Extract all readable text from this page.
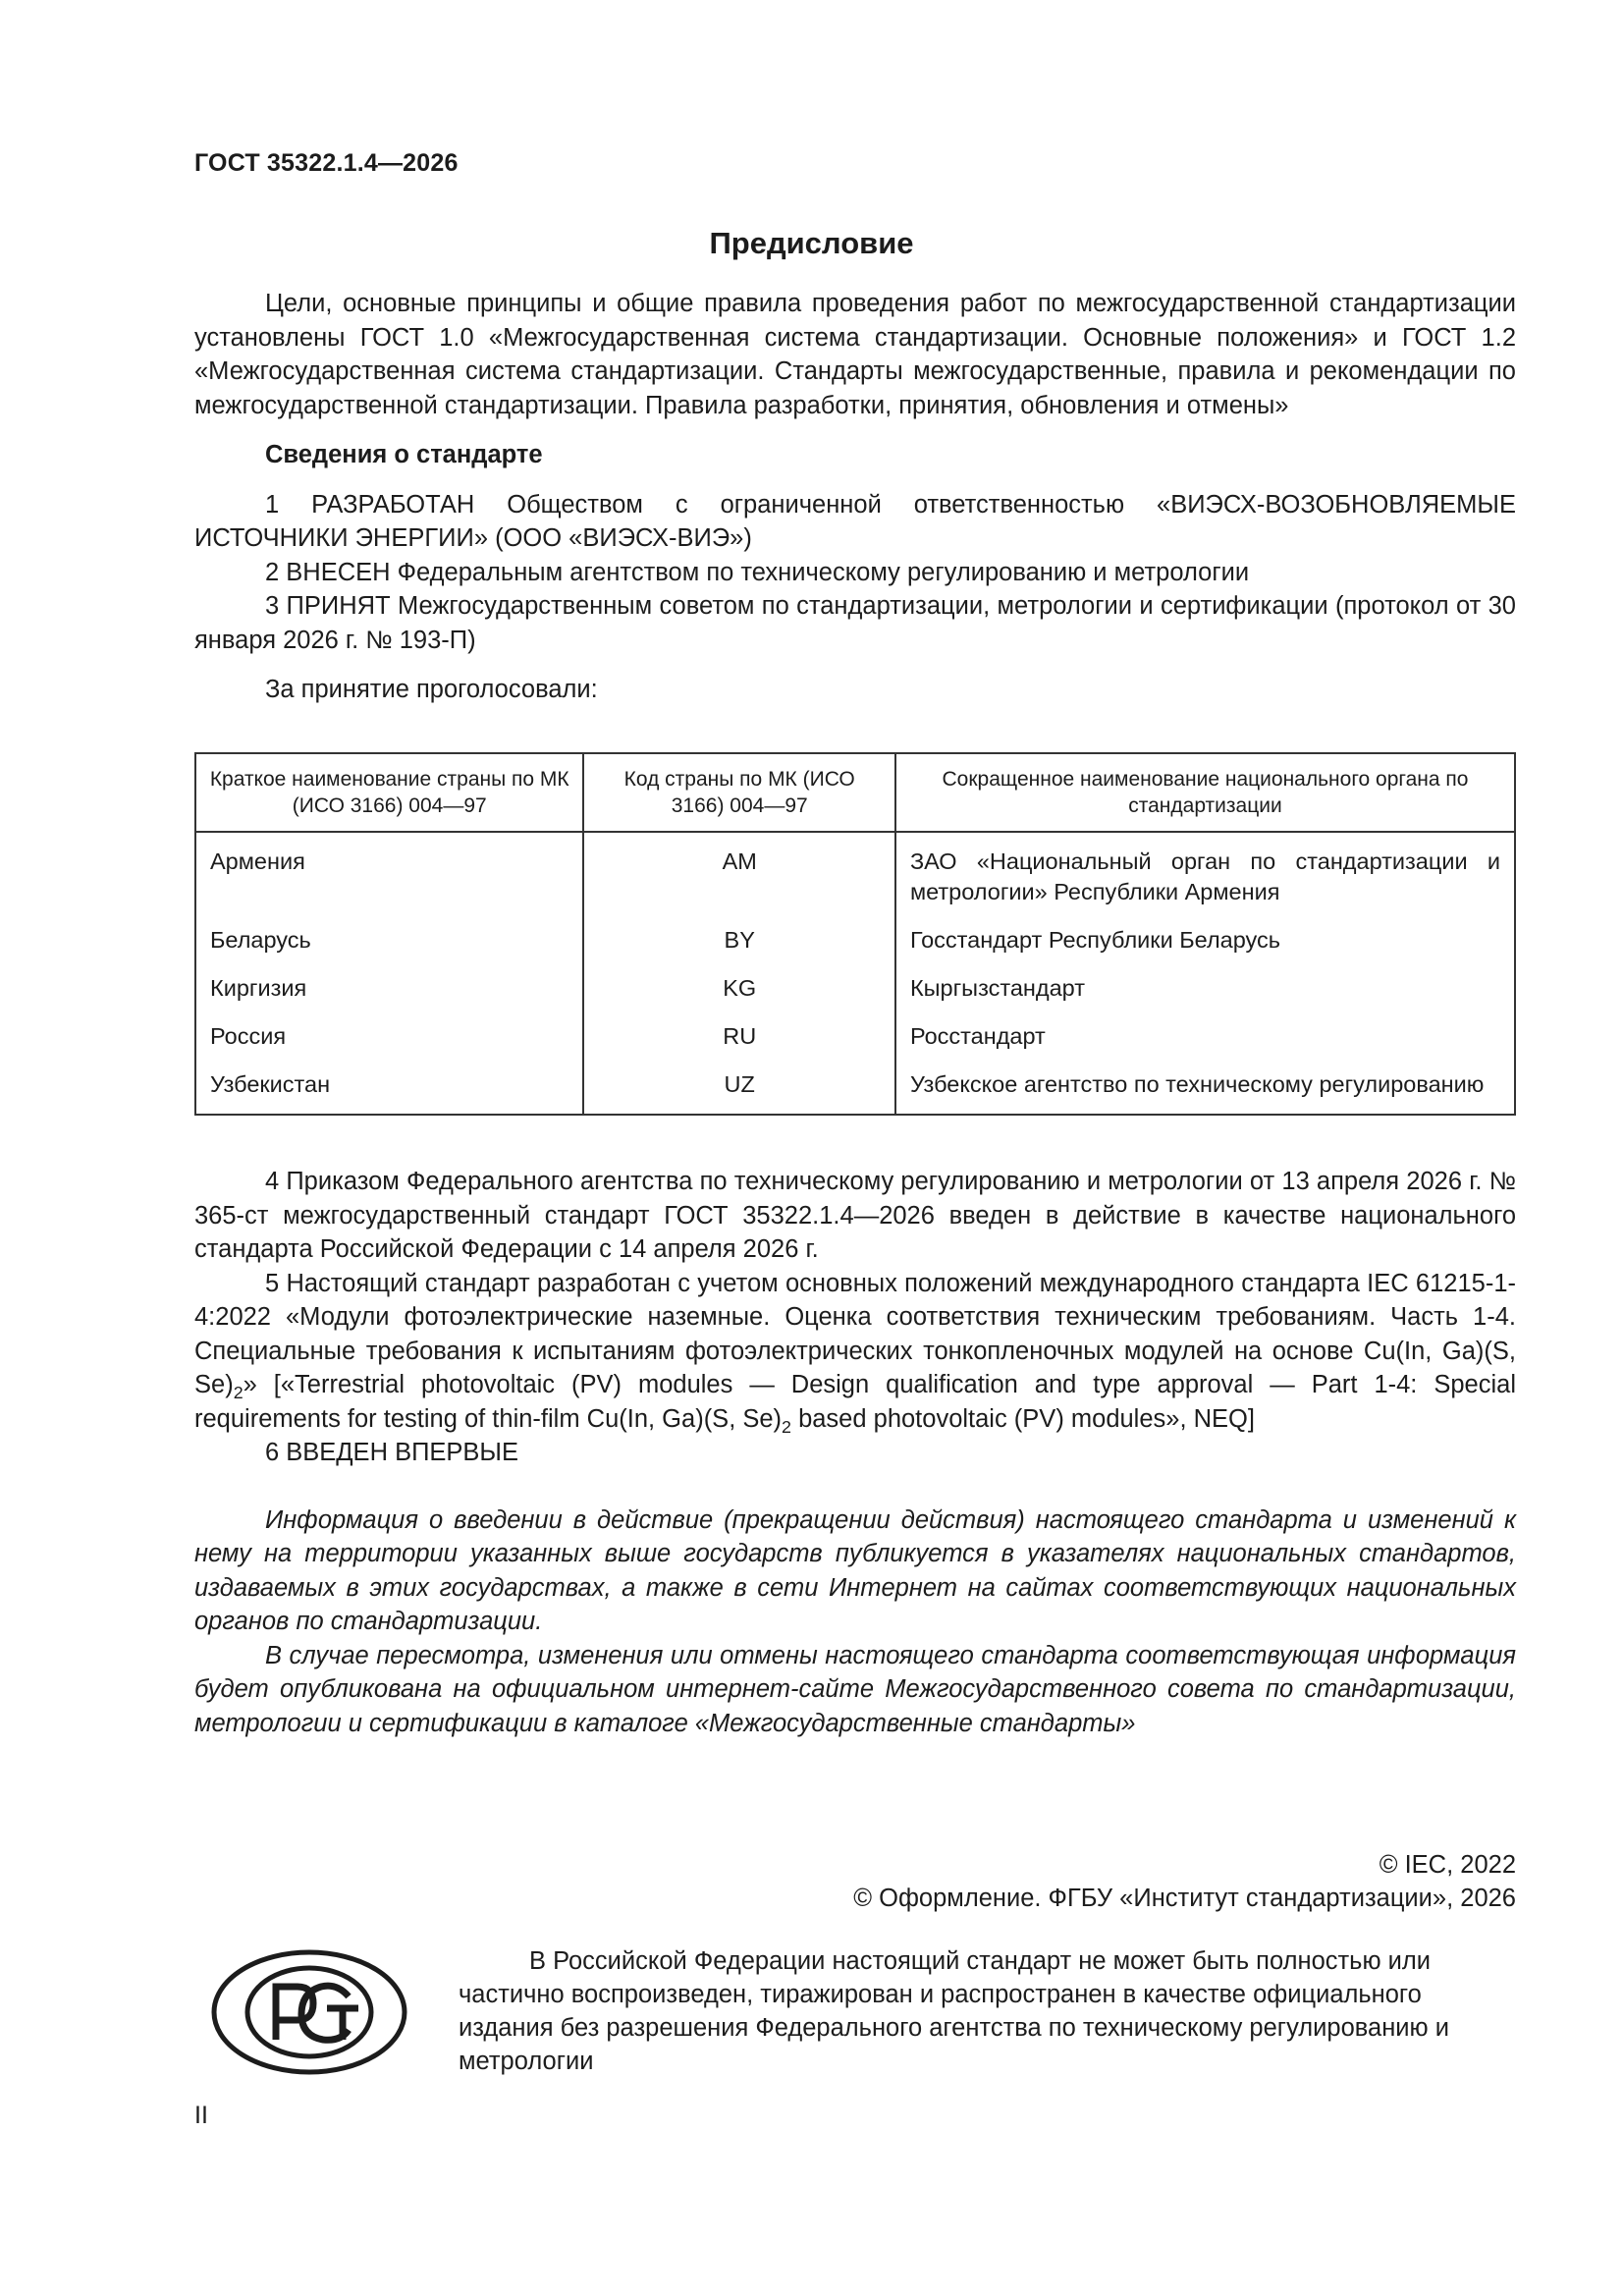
ГОСТ 35322.1.4—2026
Предисловие

Цели, основные принципы и общие правила проведения работ по межгосударственной стандартизации установлены ГОСТ 1.0 «Межгосударственная система стандартизации. Основные положения» и ГОСТ 1.2 «Межгосударственная система стандартизации. Стандарты межгосударственные, правила и рекомендации по межгосударственной стандартизации. Правила разработки, принятия, обновления и отмены»

Сведения о стандарте

1 РАЗРАБОТАН Обществом с ограниченной ответственностью «ВИЭСХ-ВОЗОБНОВЛЯЕМЫЕ ИСТОЧНИКИ ЭНЕРГИИ» (ООО «ВИЭСХ-ВИЭ»)

2 ВНЕСЕН Федеральным агентством по техническому регулированию и метрологии

3 ПРИНЯТ Межгосударственным советом по стандартизации, метрологии и сертификации (протокол от 30 января 2026 г. № 193-П)

За принятие проголосовали:

Краткое наименование страны по МК (ИСО 3166) 004—97	Код страны по МК (ИСО 3166) 004—97	Сокращенное наименование национального органа по стандартизации
Армения	AM	ЗАО «Национальный орган по стандартизации и метрологии» Республики Армения
Беларусь	BY	Госстандарт Республики Беларусь
Киргизия	KG	Кыргызстандарт
Россия	RU	Росстандарт
Узбекистан	UZ	Узбекское агентство по техническому регулированию

4 Приказом Федерального агентства по техническому регулированию и метрологии от 13 апреля 2026 г. № 365-ст межгосударственный стандарт ГОСТ 35322.1.4—2026 введен в действие в качестве национального стандарта Российской Федерации с 14 апреля 2026 г.

5 Настоящий стандарт разработан с учетом основных положений международного стандарта IEC 61215-1-4:2022 «Модули фотоэлектрические наземные. Оценка соответствия техническим требованиям. Часть 1-4. Специальные требования к испытаниям фотоэлектрических тонкопленочных модулей на основе Cu(In, Ga)(S, $Se)_2$» [«Terrestrial photovoltaic (PV) modules — Design qualification and type approval — Part 1-4: Special requirements for testing of thin-film Cu(In, Ga)(S, $Se)_2$ based photovoltaic (PV) modules», NEQ]

6 ВВЕДЕН ВПЕРВЫЕ

Информация о введении в действие (прекращении действия) настоящего стандарта и изменений к нему на территории указанных выше государств публикуется в указателях национальных стандартов, издаваемых в этих государствах, а также в сети Интернет на сайтах соответствующих национальных органов по стандартизации.

В случае пересмотра, изменения или отмены настоящего стандарта соответствующая информация будет опубликована на официальном интернет-сайте Межгосударственного совета по стандартизации, метрологии и сертификации в каталоге «Межгосударственные стандарты»

© IEC, 2022
© Оформление. ФГБУ «Институт стандартизации», 2026

В Российской Федерации настоящий стандарт не может быть полностью или частично воспроизведен, тиражирован и распространен в качестве официального издания без разрешения Федерального агентства по техническому регулированию и метрологии

II
